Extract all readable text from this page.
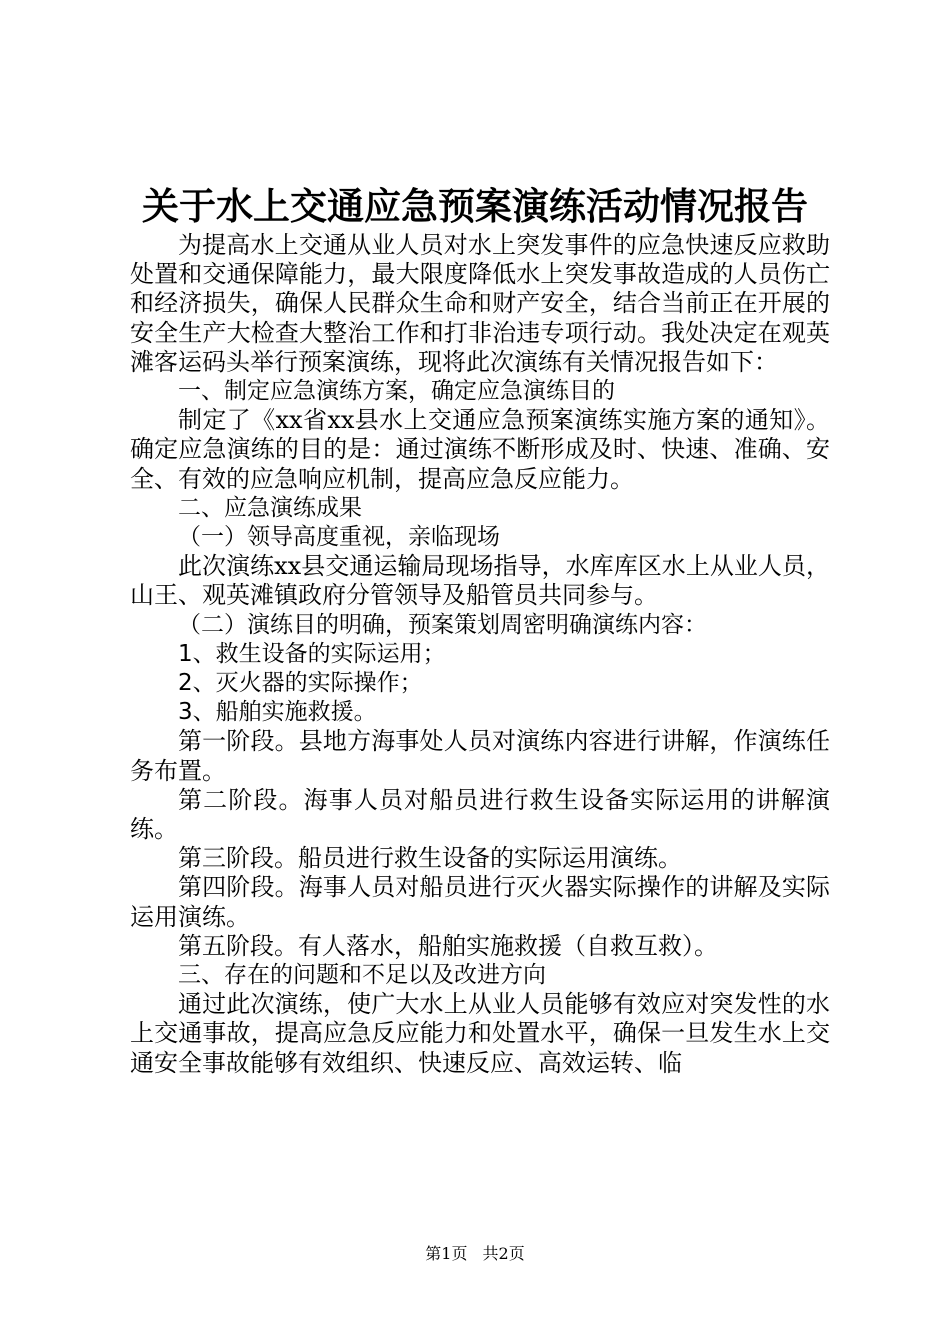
关于水上交通应急预案演练活动情况报告

为提高水上交通从业人员对水上突发事件的应急快速反应救助处置和交通保障能力，最大限度降低水上突发事故造成的人员伤亡和经济损失，确保人民群众生命和财产安全，结合当前正在开展的安全生产大检查大整治工作和打非治违专项行动。我处决定在观英滩客运码头举行预案演练，现将此次演练有关情况报告如下：

一、制定应急演练方案，确定应急演练目的

制定了《xx省xx县水上交通应急预案演练实施方案的通知》。确定应急演练的目的是：通过演练不断形成及时、快速、准确、安全、有效的应急响应机制，提高应急反应能力。

二、应急演练成果

（一）领导高度重视，亲临现场

此次演练xx县交通运输局现场指导，水库库区水上从业人员，山王、观英滩镇政府分管领导及船管员共同参与。

（二）演练目的明确，预案策划周密明确演练内容：

1、救生设备的实际运用；

2、灭火器的实际操作；

3、船舶实施救援。

第一阶段。县地方海事处人员对演练内容进行讲解，作演练任务布置。

第二阶段。海事人员对船员进行救生设备实际运用的讲解演练。

第三阶段。船员进行救生设备的实际运用演练。

第四阶段。海事人员对船员进行灭火器实际操作的讲解及实际运用演练。

第五阶段。有人落水，船舶实施救援（自救互救）。

三、存在的问题和不足以及改进方向

通过此次演练，使广大水上从业人员能够有效应对突发性的水上交通事故，提高应急反应能力和处置水平，确保一旦发生水上交通安全事故能够有效组织、快速反应、高效运转、临

第1页 共2页
